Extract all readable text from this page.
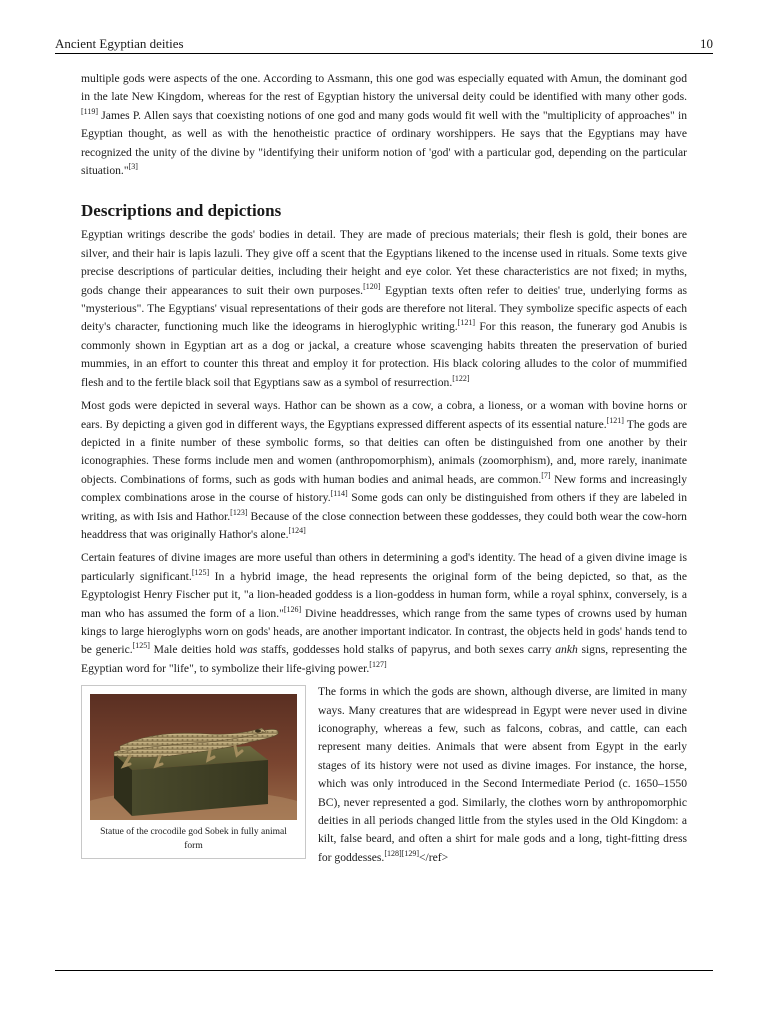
Ancient Egyptian deities	10

multiple gods were aspects of the one. According to Assmann, this one god was especially equated with Amun, the dominant god in the late New Kingdom, whereas for the rest of Egyptian history the universal deity could be identified with many other gods.[119] James P. Allen says that coexisting notions of one god and many gods would fit well with the "multiplicity of approaches" in Egyptian thought, as well as with the henotheistic practice of ordinary worshippers. He says that the Egyptians may have recognized the unity of the divine by "identifying their uniform notion of 'god' with a particular god, depending on the particular situation."[3]

Descriptions and depictions

Egyptian writings describe the gods' bodies in detail. They are made of precious materials; their flesh is gold, their bones are silver, and their hair is lapis lazuli. They give off a scent that the Egyptians likened to the incense used in rituals. Some texts give precise descriptions of particular deities, including their height and eye color. Yet these characteristics are not fixed; in myths, gods change their appearances to suit their own purposes.[120] Egyptian texts often refer to deities' true, underlying forms as "mysterious". The Egyptians' visual representations of their gods are therefore not literal. They symbolize specific aspects of each deity's character, functioning much like the ideograms in hieroglyphic writing.[121] For this reason, the funerary god Anubis is commonly shown in Egyptian art as a dog or jackal, a creature whose scavenging habits threaten the preservation of buried mummies, in an effort to counter this threat and employ it for protection. His black coloring alludes to the color of mummified flesh and to the fertile black soil that Egyptians saw as a symbol of resurrection.[122]

Most gods were depicted in several ways. Hathor can be shown as a cow, a cobra, a lioness, or a woman with bovine horns or ears. By depicting a given god in different ways, the Egyptians expressed different aspects of its essential nature.[121] The gods are depicted in a finite number of these symbolic forms, so that deities can often be distinguished from one another by their iconographies. These forms include men and women (anthropomorphism), animals (zoomorphism), and, more rarely, inanimate objects. Combinations of forms, such as gods with human bodies and animal heads, are common.[7] New forms and increasingly complex combinations arose in the course of history.[114] Some gods can only be distinguished from others if they are labeled in writing, as with Isis and Hathor.[123] Because of the close connection between these goddesses, they could both wear the cow-horn headdress that was originally Hathor's alone.[124]

Certain features of divine images are more useful than others in determining a god's identity. The head of a given divine image is particularly significant.[125] In a hybrid image, the head represents the original form of the being depicted, so that, as the Egyptologist Henry Fischer put it, "a lion-headed goddess is a lion-goddess in human form, while a royal sphinx, conversely, is a man who has assumed the form of a lion."[126] Divine headdresses, which range from the same types of crowns used by human kings to large hieroglyphs worn on gods' heads, are another important indicator. In contrast, the objects held in gods' hands tend to be generic.[125] Male deities hold was staffs, goddesses hold stalks of papyrus, and both sexes carry ankh signs, representing the Egyptian word for "life", to symbolize their life-giving power.[127]

Statue of the crocodile god Sobek in fully animal form

The forms in which the gods are shown, although diverse, are limited in many ways. Many creatures that are widespread in Egypt were never used in divine iconography, whereas a few, such as falcons, cobras, and cattle, can each represent many deities. Animals that were absent from Egypt in the early stages of its history were not used as divine images. For instance, the horse, which was only introduced in the Second Intermediate Period (c. 1650–1550 BC), never represented a god. Similarly, the clothes worn by anthropomorphic deities in all periods changed little from the styles used in the Old Kingdom: a kilt, false beard, and often a shirt for male gods and a long, tight-fitting dress for goddesses.[128][129]</ref>
